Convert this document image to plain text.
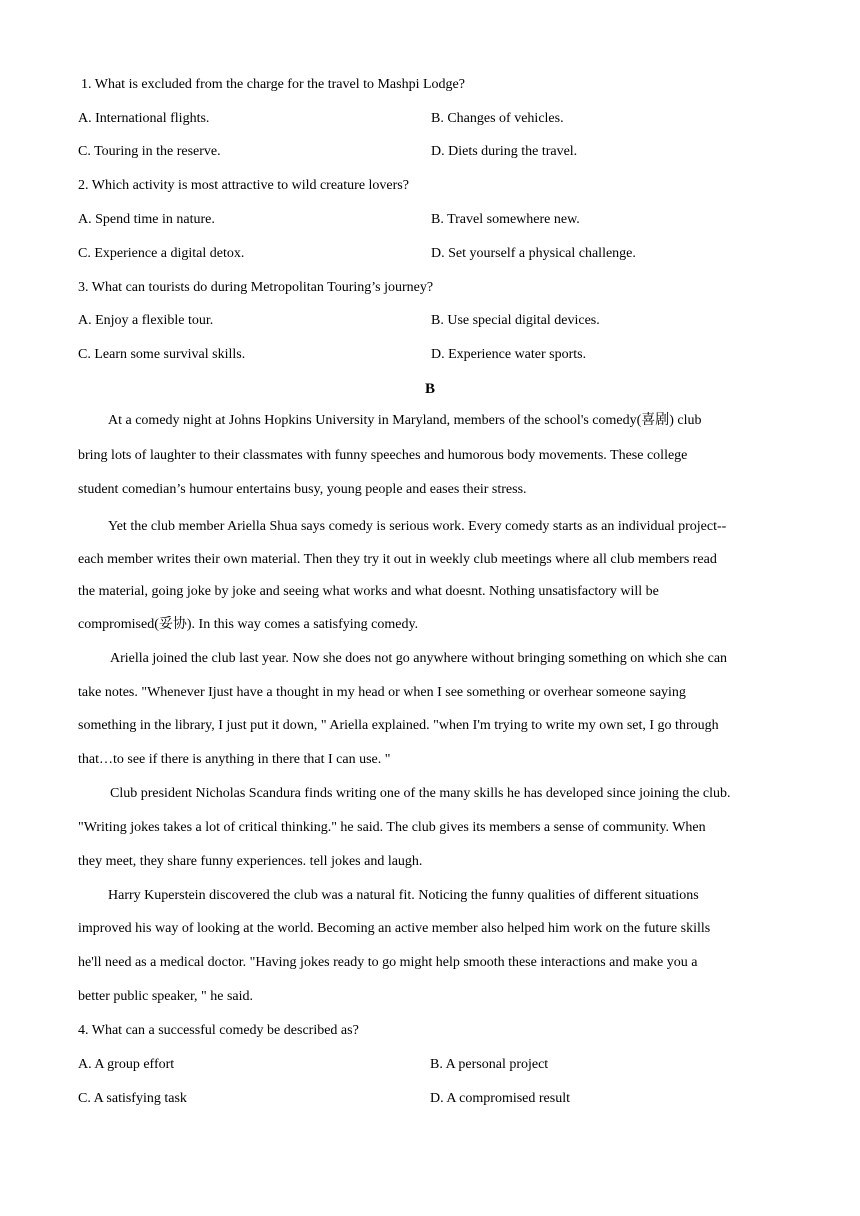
1. What is excluded from the charge for the travel to Mashpi Lodge?
A. International flights.	B. Changes of vehicles.
C. Touring in the reserve.	D. Diets during the travel.
2. Which activity is most attractive to wild creature lovers?
A. Spend time in nature.	B. Travel somewhere new.
C. Experience a digital detox.	D. Set yourself a physical challenge.
3. What can tourists do during Metropolitan Touring’s journey?
A. Enjoy a flexible tour.	B. Use special digital devices.
C. Learn some survival skills.	D. Experience water sports.
B
At a comedy night at Johns Hopkins University in Maryland, members of the school's comedy(喜剧) club
bring lots of laughter to their classmates with funny speeches and humorous body movements. These college
student comedian’s humour entertains busy, young people and eases their stress.
Yet the club member Ariella Shua says comedy is serious work. Every comedy starts as an individual project--
each member writes their own material. Then they try it out in weekly club meetings where all club members read
the material, going joke by joke and seeing what works and what doesnt. Nothing unsatisfactory will be
compromised(妥协). In this way comes a satisfying comedy.
Ariella joined the club last year. Now she does not go anywhere without bringing something on which she can
take notes. "Whenever Ijust have a thought in my head or when I see something or overhear someone saying
something in the library, I just put it down, " Ariella explained. "when I'm trying to write my own set, I go through
that…to see if there is anything in there that I can use. "
Club president Nicholas Scandura finds writing one of the many skills he has developed since joining the club.
"Writing jokes takes a lot of critical thinking." he said. The club gives its members a sense of community. When
they meet, they share funny experiences. tell jokes and laugh.
Harry Kuperstein discovered the club was a natural fit. Noticing the funny qualities of different situations
improved his way of looking at the world. Becoming an active member also helped him work on the future skills
he'll need as a medical doctor. "Having jokes ready to go might help smooth these interactions and make you a
better public speaker, " he said.
4. What can a successful comedy be described as?
A. A group effort	B. A personal project
C. A satisfying task	D. A compromised result
